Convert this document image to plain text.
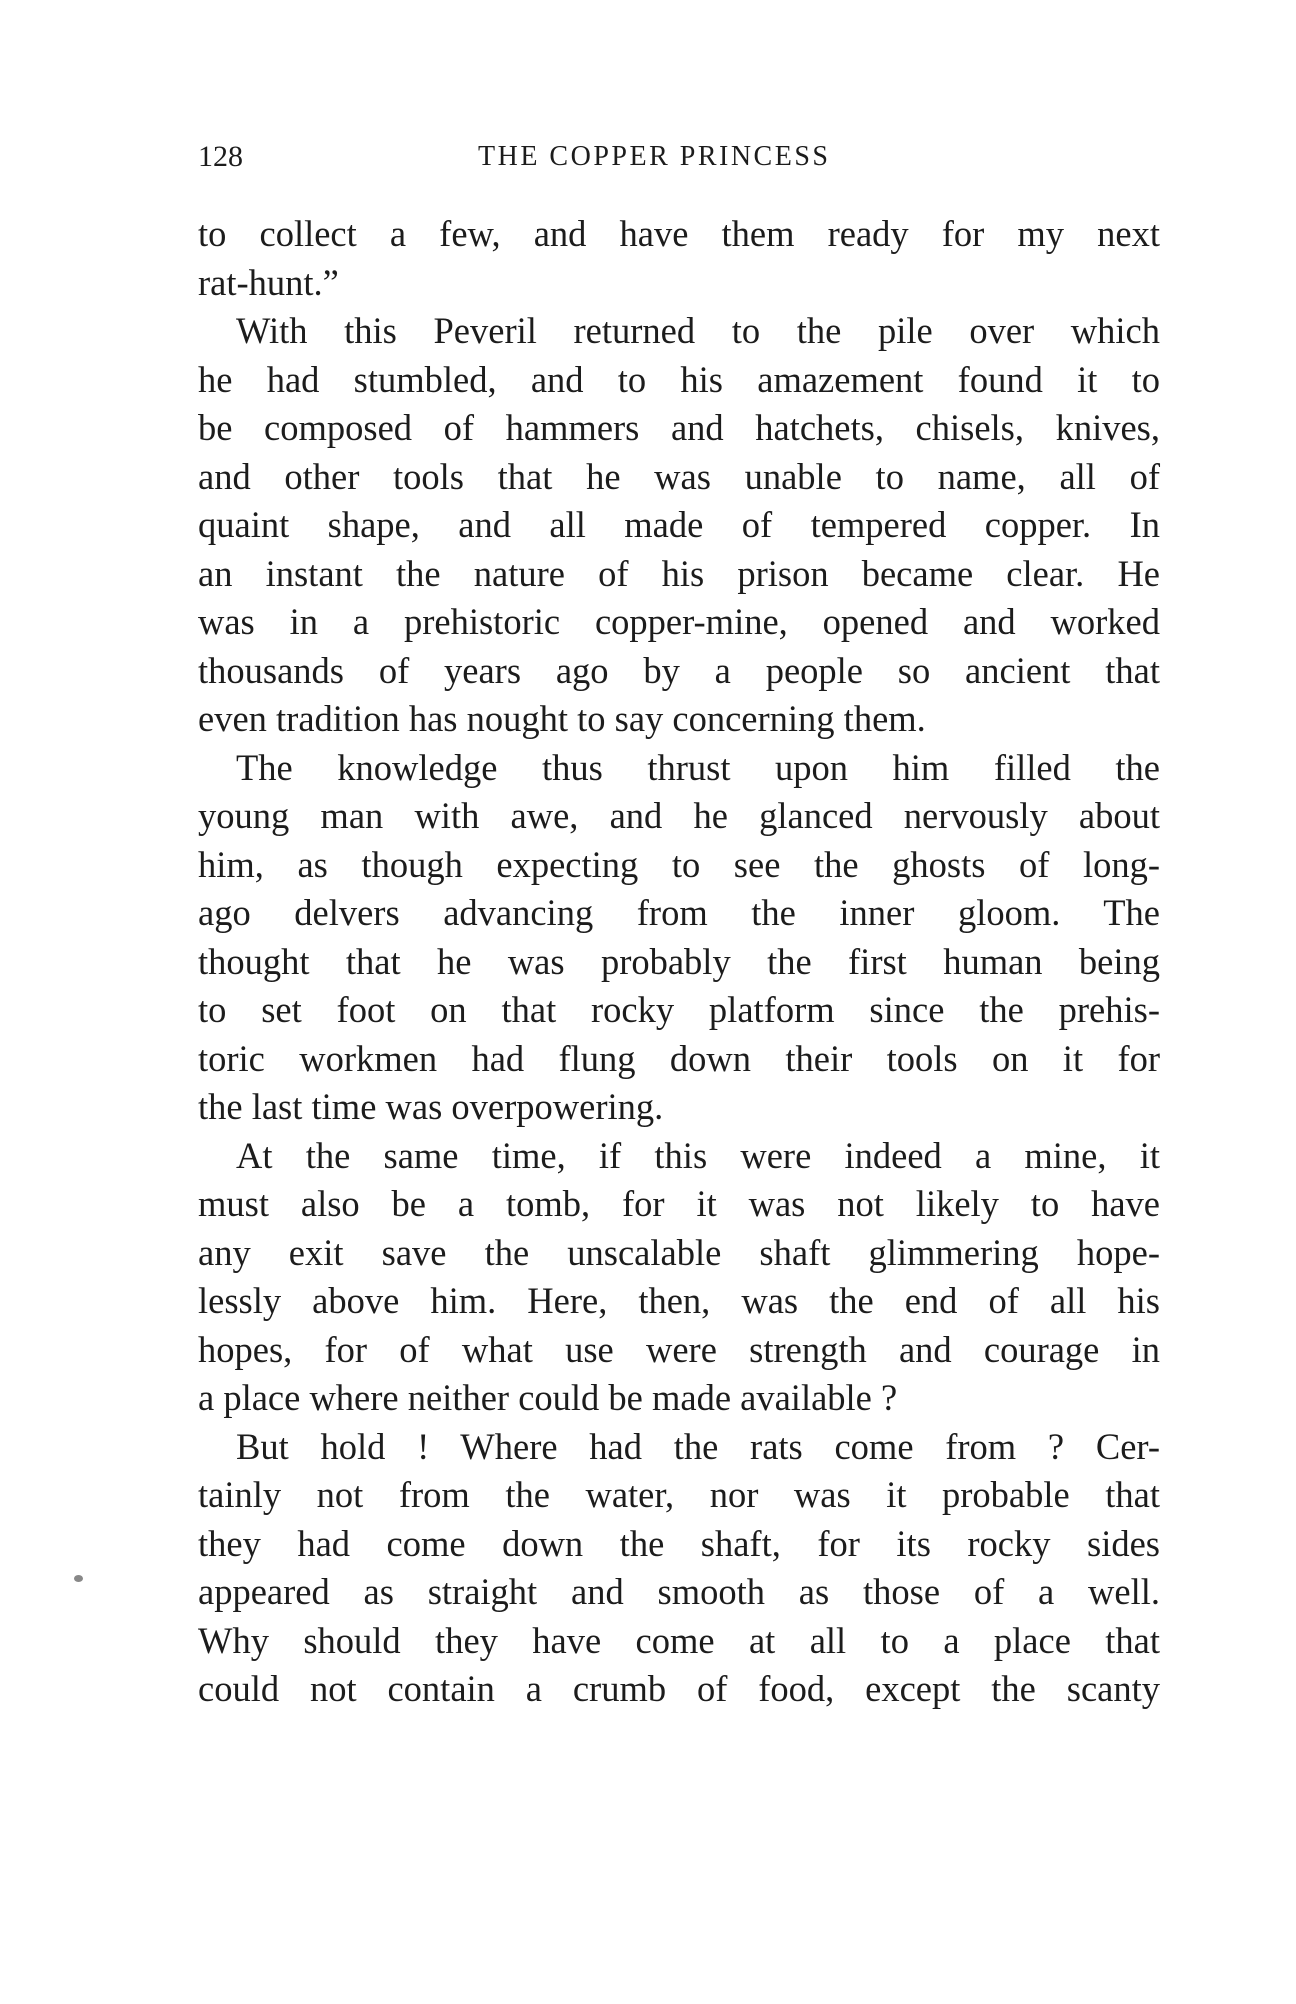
128	THE COPPER PRINCESS
to collect a few, and have them ready for my next
rat-hunt.”
With this Peveril returned to the pile over which
he had stumbled, and to his amazement found it to
be composed of hammers and hatchets, chisels, knives,
and other tools that he was unable to name, all of
quaint shape, and all made of tempered copper. In
an instant the nature of his prison became clear. He
was in a prehistoric copper-mine, opened and worked
thousands of years ago by a people so ancient that
even tradition has nought to say concerning them.
The knowledge thus thrust upon him filled the
young man with awe, and he glanced nervously about
him, as though expecting to see the ghosts of long-
ago delvers advancing from the inner gloom. The
thought that he was probably the first human being
to set foot on that rocky platform since the prehis-
toric workmen had flung down their tools on it for
the last time was overpowering.
At the same time, if this were indeed a mine, it
must also be a tomb, for it was not likely to have
any exit save the unscalable shaft glimmering hope-
lessly above him. Here, then, was the end of all his
hopes, for of what use were strength and courage in
a place where neither could be made available ?
But hold ! Where had the rats come from ? Cer-
tainly not from the water, nor was it probable that
they had come down the shaft, for its rocky sides
appeared as straight and smooth as those of a well.
Why should they have come at all to a place that
could not contain a crumb of food, except the scanty
